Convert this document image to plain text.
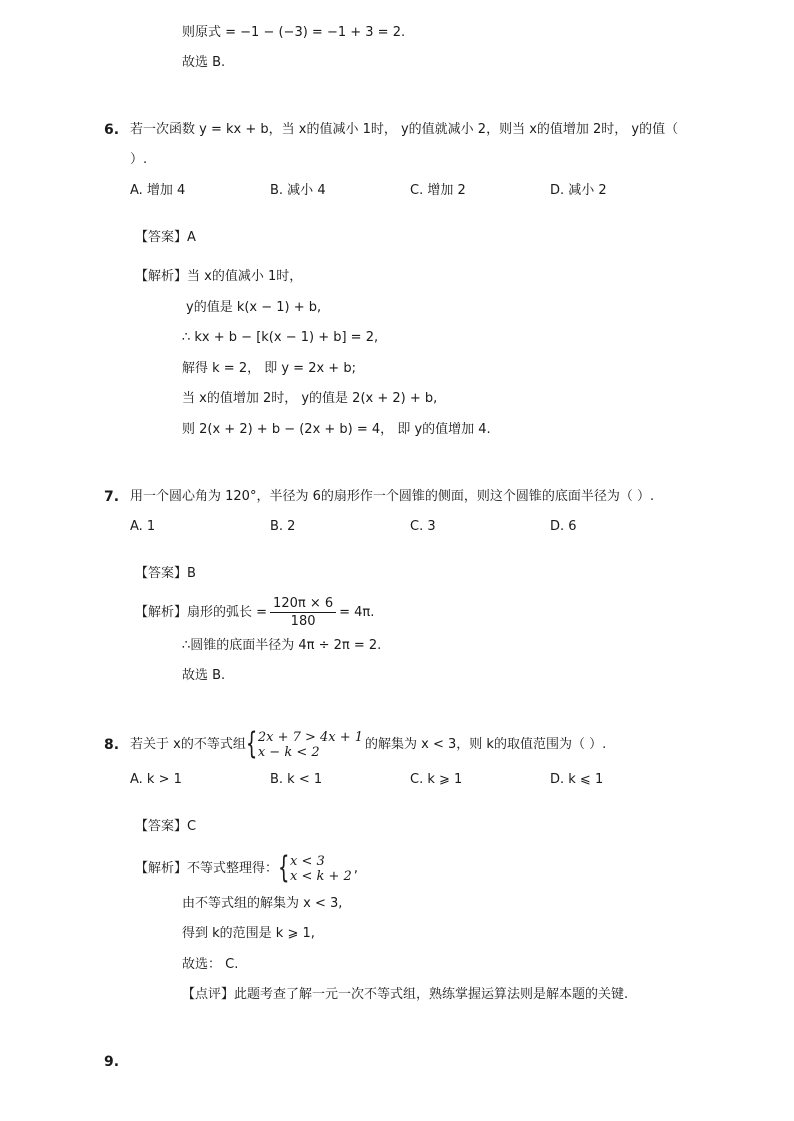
则原式 = −1 − (−3) = −1 + 3 = 2.
故选 B.
6. 若一次函数 y = kx + b，当 x的值减小 1时， y的值就减小 2，则当 x的值增加 2时， y的值（
）.
A. 增加 4	B. 减小 4	C. 增加 2	D. 减小 2
【答案】A
【解析】当 x的值减小 1时，
y的值是 k(x − 1) + b,
∴ kx + b − [k(x − 1) + b] = 2,
解得 k = 2， 即 y = 2x + b;
当 x的值增加 2时， y的值是 2(x + 2) + b,
则 2(x + 2) + b − (2x + b) = 4， 即 y的值增加 4.
7. 用一个圆心角为 120°，半径为 6的扇形作一个圆锥的侧面，则这个圆锥的底面半径为（ ）.
A. 1	B. 2	C. 3	D. 6
【答案】B
【解析】扇形的弧长 = $\frac{120\pi \times 6}{180} = 4\pi$.
∴圆锥的底面半径为 4π ÷ 2π = 2.
故选 B.
8. 若关于 x的不等式组 { 2x + 7 > 4x + 1
x − k < 2	的解集为 x < 3，则 k的取值范围为（ ）.
A. k > 1	B. k < 1	C. k ⩾ 1	D. k ⩽ 1
【答案】C
【解析】不等式整理得： { x < 3
x < k + 2 ,
由不等式组的解集为 x < 3,
得到 k的范围是 k ⩾ 1,
故选： C.
【点评】此题考查了解一元一次不等式组，熟练掌握运算法则是解本题的关键.
9.
